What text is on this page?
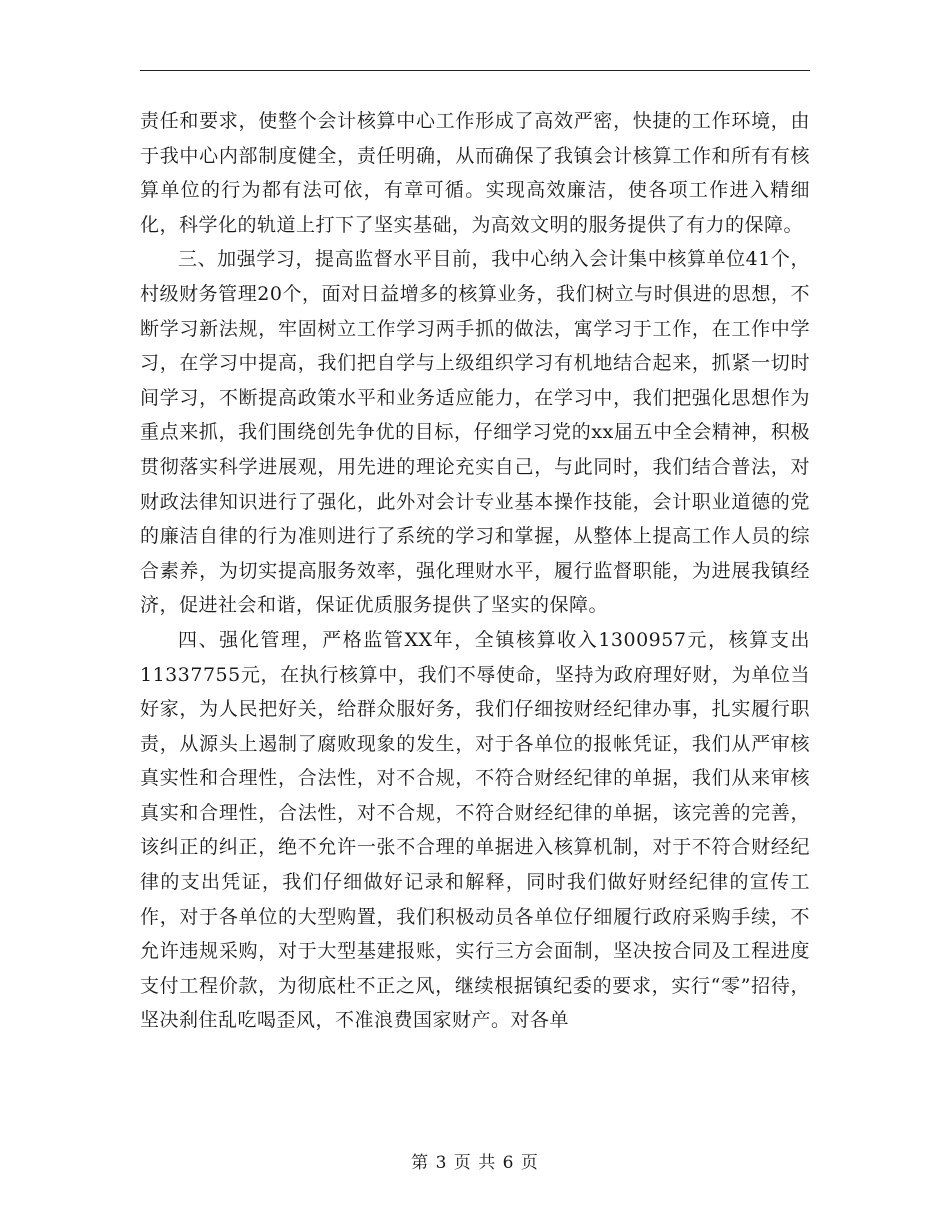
责任和要求，使整个会计核算中心工作形成了高效严密，快捷的工作环境，由于我中心内部制度健全，责任明确，从而确保了我镇会计核算工作和所有有核算单位的行为都有法可依，有章可循。实现高效廉洁，使各项工作进入精细化，科学化的轨道上打下了坚实基础，为高效文明的服务提供了有力的保障。

三、加强学习，提高监督水平目前，我中心纳入会计集中核算单位41个，村级财务管理20个，面对日益增多的核算业务，我们树立与时俱进的思想，不断学习新法规，牢固树立工作学习两手抓的做法，寓学习于工作，在工作中学习，在学习中提高，我们把自学与上级组织学习有机地结合起来，抓紧一切时间学习，不断提高政策水平和业务适应能力，在学习中，我们把强化思想作为重点来抓，我们围绕创先争优的目标，仔细学习党的xx届五中全会精神，积极贯彻落实科学进展观，用先进的理论充实自己，与此同时，我们结合普法，对财政法律知识进行了强化，此外对会计专业基本操作技能，会计职业道德的党的廉洁自律的行为准则进行了系统的学习和掌握，从整体上提高工作人员的综合素养，为切实提高服务效率，强化理财水平，履行监督职能，为进展我镇经济，促进社会和谐，保证优质服务提供了坚实的保障。

四、强化管理，严格监管XX年，全镇核算收入1300957元，核算支出11337755元，在执行核算中，我们不辱使命，坚持为政府理好财，为单位当好家，为人民把好关，给群众服好务，我们仔细按财经纪律办事，扎实履行职责，从源头上遏制了腐败现象的发生，对于各单位的报帐凭证，我们从严审核真实性和合理性，合法性，对不合规，不符合财经纪律的单据，我们从来审核真实和合理性，合法性，对不合规，不符合财经纪律的单据，该完善的完善，该纠正的纠正，绝不允许一张不合理的单据进入核算机制，对于不符合财经纪律的支出凭证，我们仔细做好记录和解释，同时我们做好财经纪律的宣传工作，对于各单位的大型购置，我们积极动员各单位仔细履行政府采购手续，不允许违规采购，对于大型基建报账，实行三方会面制，坚决按合同及工程进度支付工程价款，为彻底杜不正之风，继续根据镇纪委的要求，实行“零”招待，坚决刹住乱吃喝歪风，不准浪费国家财产。对各单

第 3 页 共 6 页
